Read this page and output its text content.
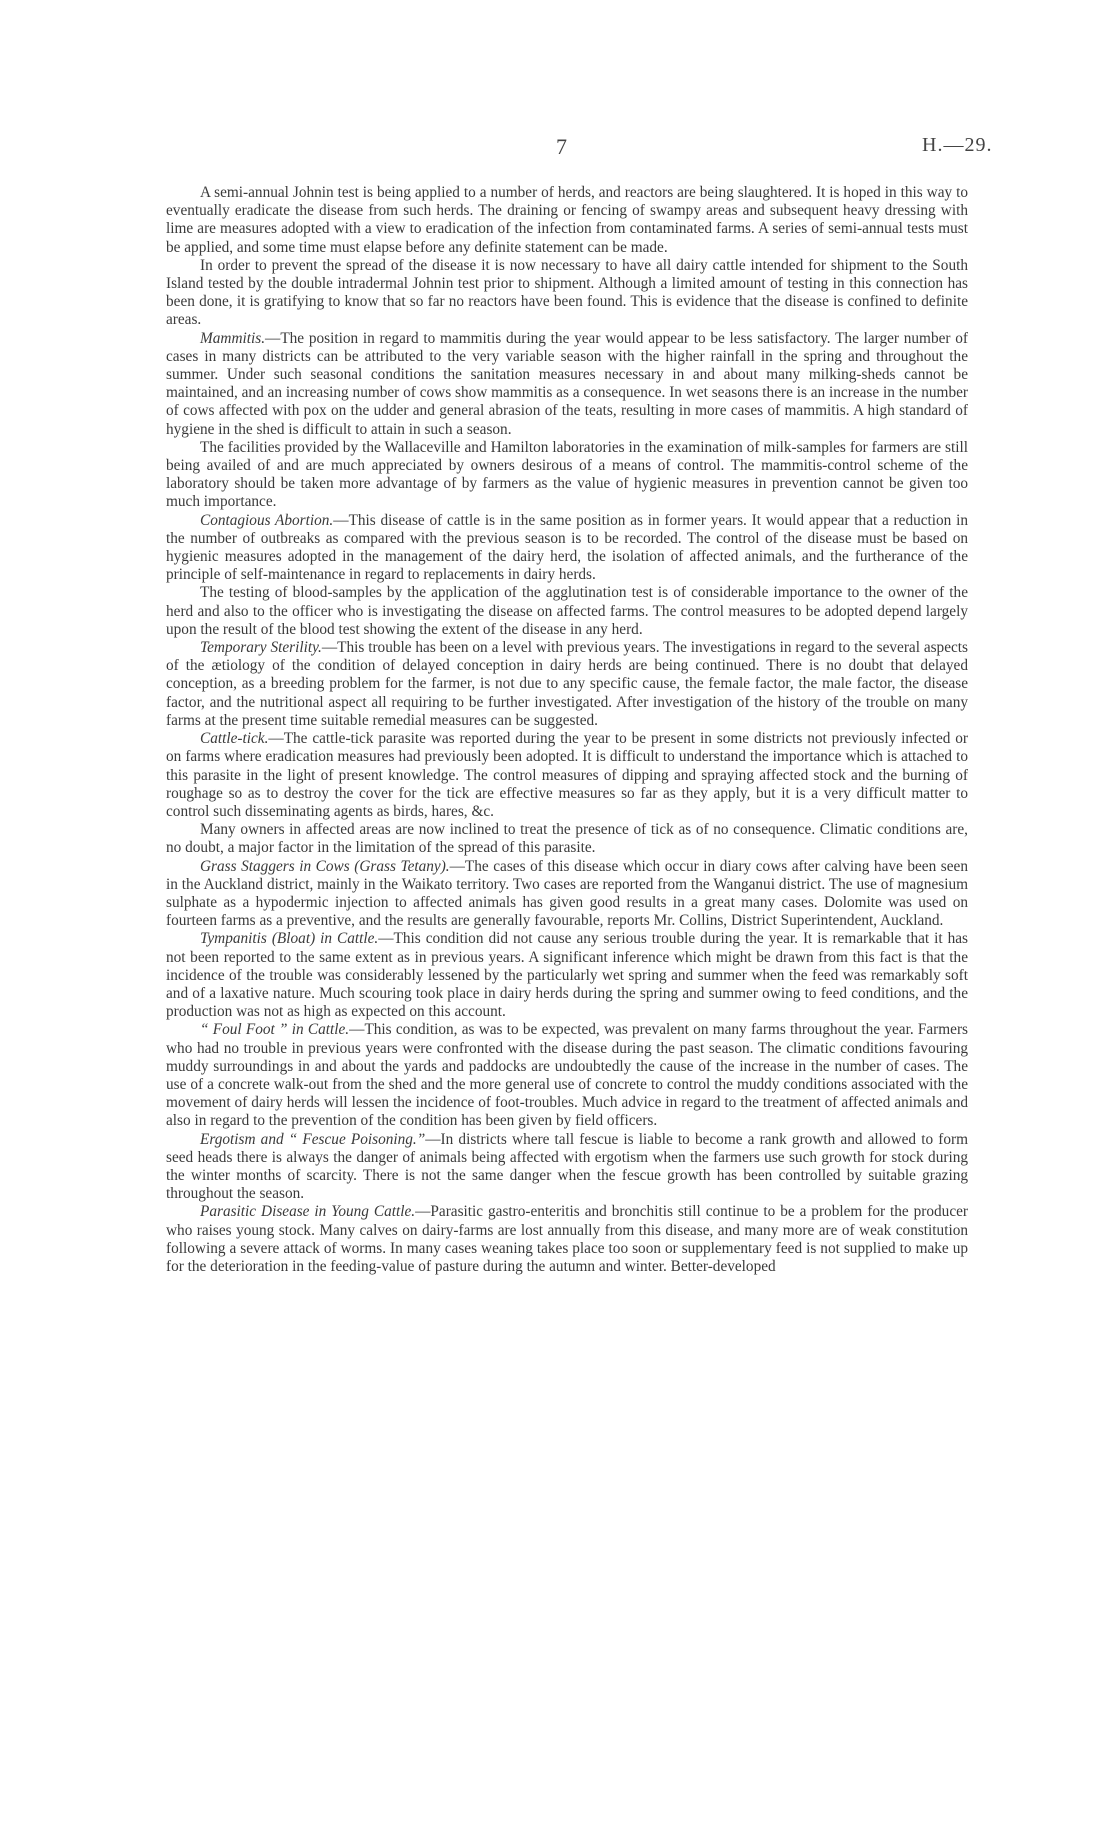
7	H.—29.

A semi-annual Johnin test is being applied to a number of herds, and reactors are being slaughtered. It is hoped in this way to eventually eradicate the disease from such herds. The draining or fencing of swampy areas and subsequent heavy dressing with lime are measures adopted with a view to eradication of the infection from contaminated farms. A series of semi-annual tests must be applied, and some time must elapse before any definite statement can be made.

In order to prevent the spread of the disease it is now necessary to have all dairy cattle intended for shipment to the South Island tested by the double intradermal Johnin test prior to shipment. Although a limited amount of testing in this connection has been done, it is gratifying to know that so far no reactors have been found. This is evidence that the disease is confined to definite areas.

Mammitis.—The position in regard to mammitis during the year would appear to be less satisfactory. The larger number of cases in many districts can be attributed to the very variable season with the higher rainfall in the spring and throughout the summer. Under such seasonal conditions the sanitation measures necessary in and about many milking-sheds cannot be maintained, and an increasing number of cows show mammitis as a consequence. In wet seasons there is an increase in the number of cows affected with pox on the udder and general abrasion of the teats, resulting in more cases of mammitis. A high standard of hygiene in the shed is difficult to attain in such a season.

The facilities provided by the Wallaceville and Hamilton laboratories in the examination of milk-samples for farmers are still being availed of and are much appreciated by owners desirous of a means of control. The mammitis-control scheme of the laboratory should be taken more advantage of by farmers as the value of hygienic measures in prevention cannot be given too much importance.

Contagious Abortion.—This disease of cattle is in the same position as in former years. It would appear that a reduction in the number of outbreaks as compared with the previous season is to be recorded. The control of the disease must be based on hygienic measures adopted in the management of the dairy herd, the isolation of affected animals, and the furtherance of the principle of self-maintenance in regard to replacements in dairy herds.

The testing of blood-samples by the application of the agglutination test is of considerable importance to the owner of the herd and also to the officer who is investigating the disease on affected farms. The control measures to be adopted depend largely upon the result of the blood test showing the extent of the disease in any herd.

Temporary Sterility.—This trouble has been on a level with previous years. The investigations in regard to the several aspects of the ætiology of the condition of delayed conception in dairy herds are being continued. There is no doubt that delayed conception, as a breeding problem for the farmer, is not due to any specific cause, the female factor, the male factor, the disease factor, and the nutritional aspect all requiring to be further investigated. After investigation of the history of the trouble on many farms at the present time suitable remedial measures can be suggested.

Cattle-tick.—The cattle-tick parasite was reported during the year to be present in some districts not previously infected or on farms where eradication measures had previously been adopted. It is difficult to understand the importance which is attached to this parasite in the light of present knowledge. The control measures of dipping and spraying affected stock and the burning of roughage so as to destroy the cover for the tick are effective measures so far as they apply, but it is a very difficult matter to control such disseminating agents as birds, hares, &c.

Many owners in affected areas are now inclined to treat the presence of tick as of no consequence. Climatic conditions are, no doubt, a major factor in the limitation of the spread of this parasite.

Grass Staggers in Cows (Grass Tetany).—The cases of this disease which occur in diary cows after calving have been seen in the Auckland district, mainly in the Waikato territory. Two cases are reported from the Wanganui district. The use of magnesium sulphate as a hypodermic injection to affected animals has given good results in a great many cases. Dolomite was used on fourteen farms as a preventive, and the results are generally favourable, reports Mr. Collins, District Superintendent, Auckland.

Tympanitis (Bloat) in Cattle.—This condition did not cause any serious trouble during the year. It is remarkable that it has not been reported to the same extent as in previous years. A significant inference which might be drawn from this fact is that the incidence of the trouble was considerably lessened by the particularly wet spring and summer when the feed was remarkably soft and of a laxative nature. Much scouring took place in dairy herds during the spring and summer owing to feed conditions, and the production was not as high as expected on this account.

“ Foul Foot ” in Cattle.—This condition, as was to be expected, was prevalent on many farms throughout the year. Farmers who had no trouble in previous years were confronted with the disease during the past season. The climatic conditions favouring muddy surroundings in and about the yards and paddocks are undoubtedly the cause of the increase in the number of cases. The use of a concrete walk-out from the shed and the more general use of concrete to control the muddy conditions associated with the movement of dairy herds will lessen the incidence of foot-troubles. Much advice in regard to the treatment of affected animals and also in regard to the prevention of the condition has been given by field officers.

Ergotism and “ Fescue Poisoning.”—In districts where tall fescue is liable to become a rank growth and allowed to form seed heads there is always the danger of animals being affected with ergotism when the farmers use such growth for stock during the winter months of scarcity. There is not the same danger when the fescue growth has been controlled by suitable grazing throughout the season.

Parasitic Disease in Young Cattle.—Parasitic gastro-enteritis and bronchitis still continue to be a problem for the producer who raises young stock. Many calves on dairy-farms are lost annually from this disease, and many more are of weak constitution following a severe attack of worms. In many cases weaning takes place too soon or supplementary feed is not supplied to make up for the deterioration in the feeding-value of pasture during the autumn and winter. Better-developed
